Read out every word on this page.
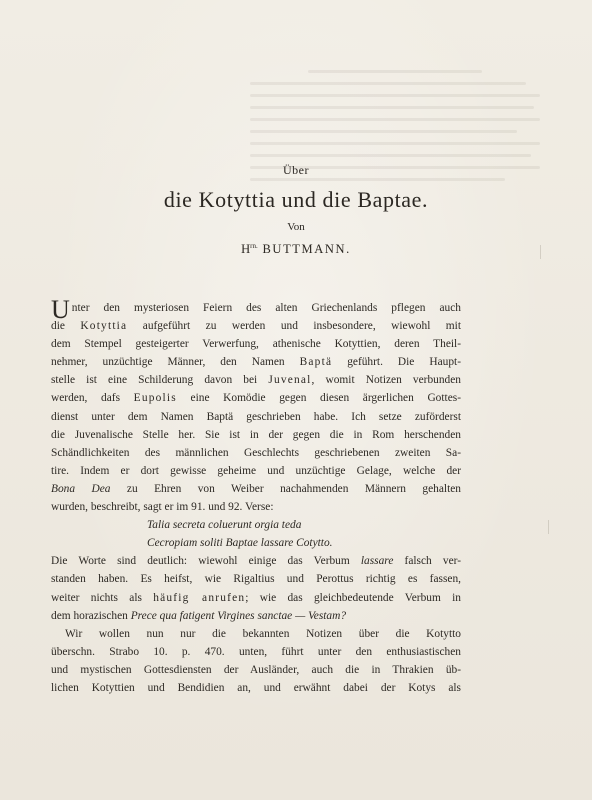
Über

die Kotyttia und die Baptae.

Von

$H^{rn.}$ BUTTMANN.

Unter den mysteriosen Feiern des alten Griechenlands pflegen auch
die Kotyttia aufgeführt zu werden und insbesondere, wiewohl mit
dem Stempel gesteigerter Verwerfung, athenische Kotyttien, deren Theil-
nehmer, unzüchtige Männer, den Namen Baptä geführt. Die Haupt-
stelle ist eine Schilderung davon bei Juvenal, womit Notizen verbunden
werden, dafs Eupolis eine Komödie gegen diesen ärgerlichen Gottes-
dienst unter dem Namen Baptä geschrieben habe. Ich setze zuförderst
die Juvenalische Stelle her. Sie ist in der gegen die in Rom herschenden
Schändlichkeiten des männlichen Geschlechts geschriebenen zweiten Sa-
tire. Indem er dort gewisse geheime und unzüchtige Gelage, welche der
Bona Dea zu Ehren von Weiber nachahmenden Männern gehalten
wurden, beschreibt, sagt er im 91. und 92. Verse:
Talia secreta coluerunt orgia teda
Cecropiam soliti Baptae lassare Cotytto.
Die Worte sind deutlich: wiewohl einige das Verbum lassare falsch ver-
standen haben. Es heifst, wie Rigaltius und Perottus richtig es fassen,
weiter nichts als häufig anrufen; wie das gleichbedeutende Verbum in
dem horazischen Prece qua fatigent Virgines sanctae — Vestam?
Wir wollen nun nur die bekannten Notizen über die Kotytto
überschn. Strabo 10. p. 470. unten, führt unter den enthusiastischen
und mystischen Gottesdiensten der Ausländer, auch die in Thrakien üb-
lichen Kotyttien und Bendidien an, und erwähnt dabei der Kotys als
